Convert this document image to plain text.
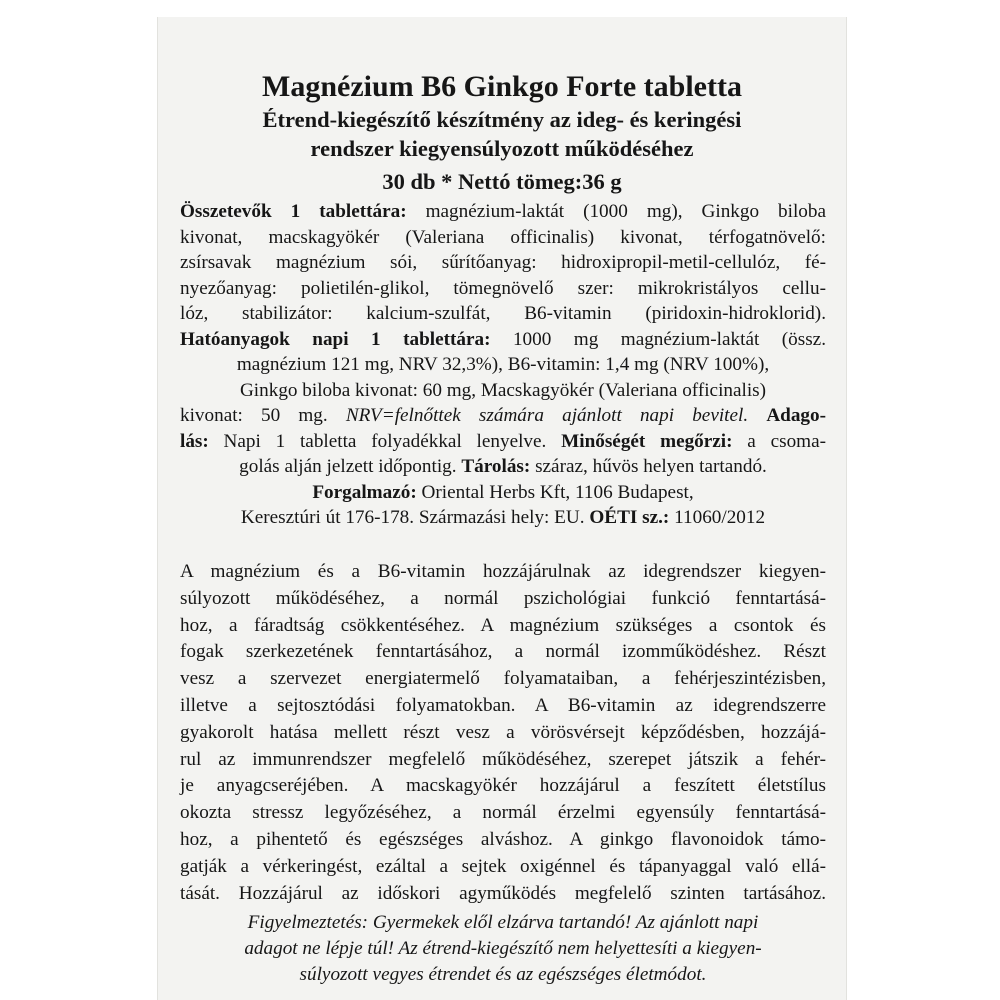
Magnézium B6 Ginkgo Forte tabletta
Étrend-kiegészítő készítmény az ideg- és keringési
rendszer kiegyensúlyozott működéséhez
30 db * Nettó tömeg:36 g
Összetevők 1 tablettára: magnézium-laktát (1000 mg), Ginkgo biloba
kivonat, macskagyökér (Valeriana officinalis) kivonat, térfogatnövelő:
zsírsavak magnézium sói, sűrítőanyag: hidroxipropil-metil-cellulóz, fé-
nyezőanyag: polietilén-glikol, tömegnövelő szer: mikrokristályos cellu-
lóz, stabilizátor: kalcium-szulfát, B6-vitamin (piridoxin-hidroklorid).
Hatóanyagok napi 1 tablettára: 1000 mg magnézium-laktát (össz.
magnézium 121 mg, NRV 32,3%), B6-vitamin: 1,4 mg (NRV 100%),
Ginkgo biloba kivonat: 60 mg, Macskagyökér (Valeriana officinalis)
kivonat: 50 mg. NRV=felnőttek számára ajánlott napi bevitel. Adago-
lás: Napi 1 tabletta folyadékkal lenyelve. Minőségét megőrzi: a csoma-
golás alján jelzett időpontig. Tárolás: száraz, hűvös helyen tartandó.
Forgalmazó: Oriental Herbs Kft, 1106 Budapest,
Keresztúri út 176-178. Származási hely: EU. OÉTI sz.: 11060/2012
A magnézium és a B6-vitamin hozzájárulnak az idegrendszer kiegyen-
súlyozott működéséhez, a normál pszichológiai funkció fenntartásá-
hoz, a fáradtság csökkentéséhez. A magnézium szükséges a csontok és
fogak szerkezetének fenntartásához, a normál izomműködéshez. Részt
vesz a szervezet energiatermelő folyamataiban, a fehérjeszintézisben,
illetve a sejtosztódási folyamatokban. A B6-vitamin az idegrendszerre
gyakorolt hatása mellett részt vesz a vörösvérsejt képződésben, hozzájá-
rul az immunrendszer megfelelő működéséhez, szerepet játszik a fehér-
je anyagcseréjében. A macskagyökér hozzájárul a feszített életstílus
okozta stressz legyőzéséhez, a normál érzelmi egyensúly fenntartásá-
hoz, a pihentető és egészséges alváshoz. A ginkgo flavonoidok támo-
gatják a vérkeringést, ezáltal a sejtek oxigénnel és tápanyaggal való ellá-
tását. Hozzájárul az időskori agyműködés megfelelő szinten tartásához.
Figyelmeztetés: Gyermekek elől elzárva tartandó! Az ajánlott napi
adagot ne lépje túl! Az étrend-kiegészítő nem helyettesíti a kiegyen-
súlyozott vegyes étrendet és az egészséges életmódot.
